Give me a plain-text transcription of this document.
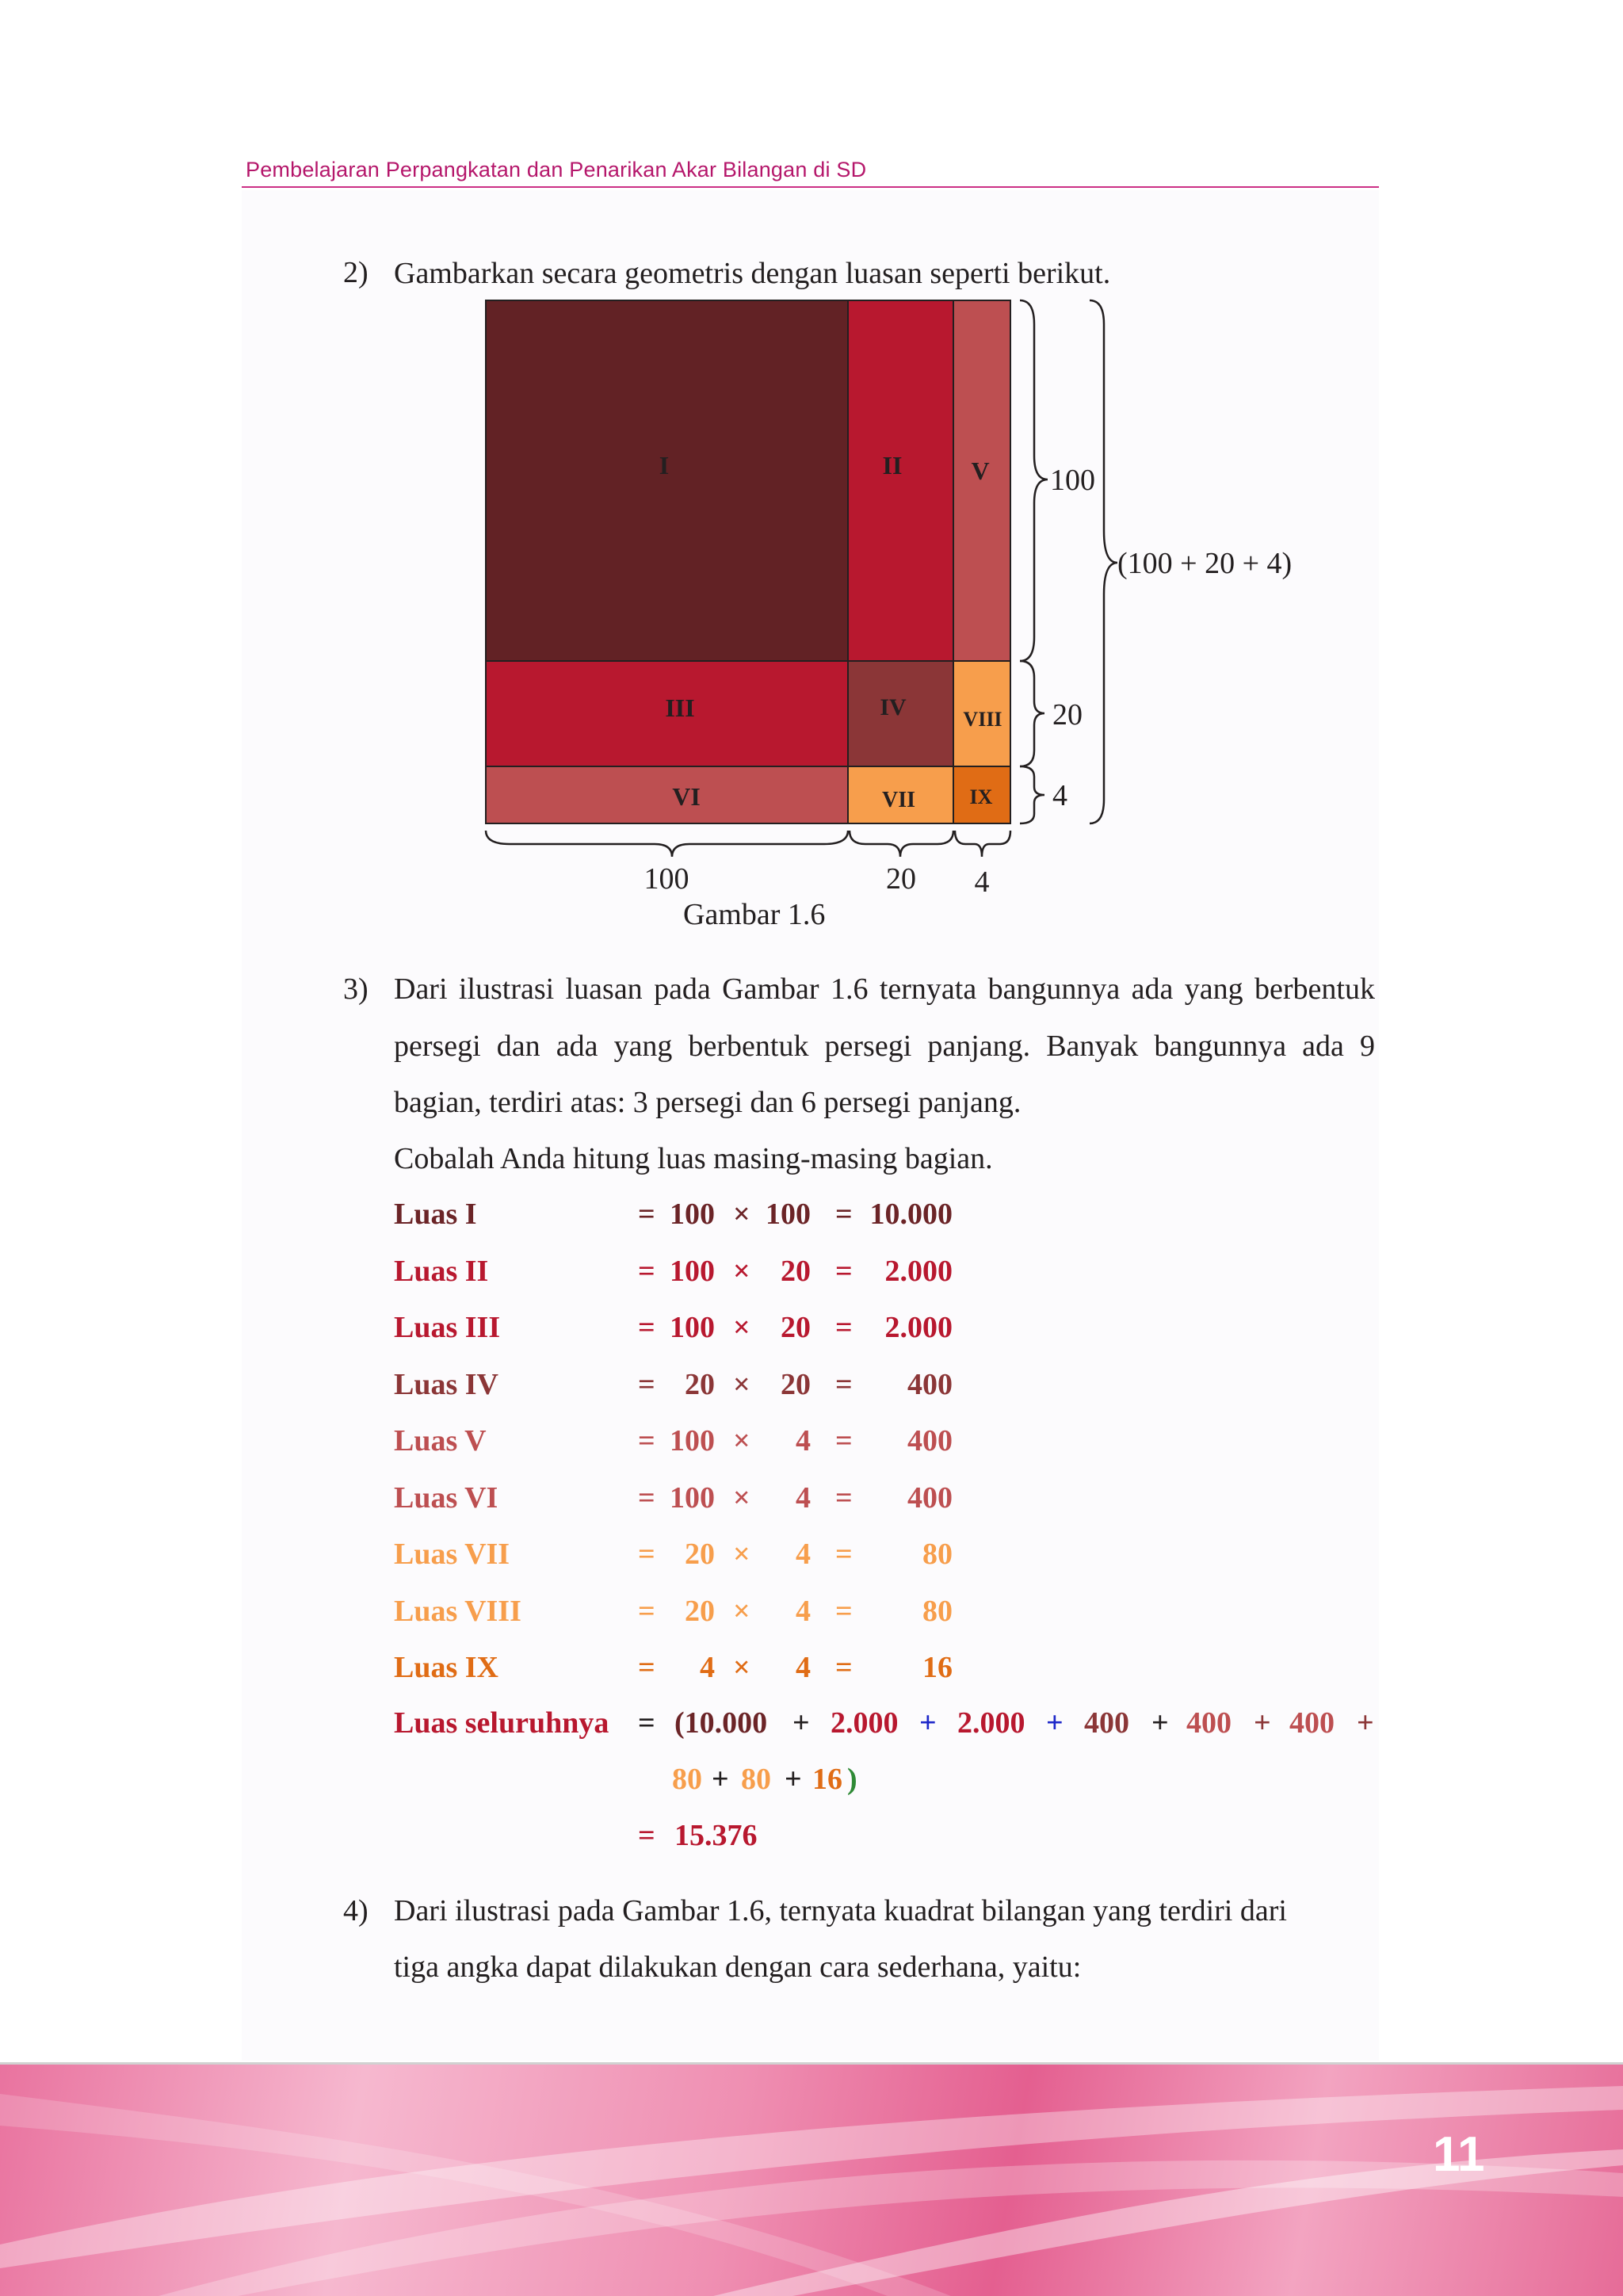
Pembelajaran Perpangkatan dan Penarikan Akar Bilangan di SD
2) Gambarkan secara geometris dengan luasan seperti berikut.
I	II	V
III	IV	VIII
VI	VII	IX
100
20
4
(100 + 20 + 4)
100	20 4
Gambar 1.6
3) Dari ilustrasi luasan pada Gambar 1.6 ternyata bangunnya ada yang berbentuk persegi dan ada yang berbentuk persegi panjang. Banyak bangunnya ada 9 bagian, terdiri atas: 3 persegi dan 6 persegi panjang.
Cobalah Anda hitung luas masing-masing bagian.
Luas I	= 100 × 100 = 10.000
Luas II	= 100 × 20 = 2.000
Luas III	= 100 × 20 = 2.000
Luas IV	= 20 × 20 = 400
Luas V	= 100 × 4 = 400
Luas VI	= 100 × 4 = 400
Luas VII	= 20 × 4 = 80
Luas VIII	= 20 × 4 = 80
Luas IX	= 4 × 4 = 16
Luas seluruhnya = (10.000 + 2.000 + 2.000 + 400 + 400 + 400 +
80 + 80 + 16 )
= 15.376
4) Dari ilustrasi pada Gambar 1.6, ternyata kuadrat bilangan yang terdiri dari
tiga angka dapat dilakukan dengan cara sederhana, yaitu:
11
